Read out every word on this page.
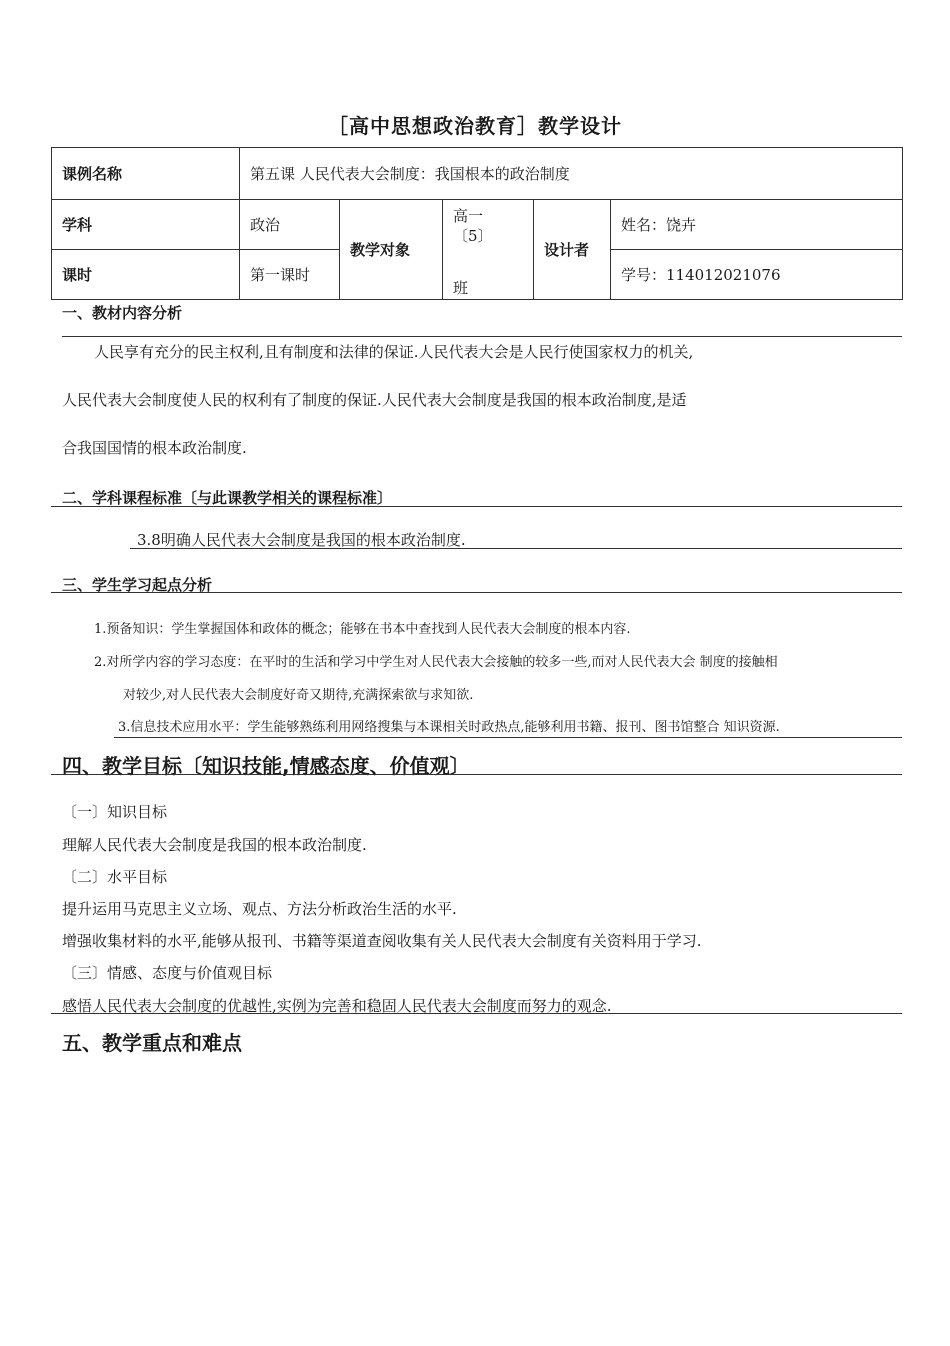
［高中思想政治教育］教学设计
课例名称	第五课 人民代表大会制度：我国根本的政治制度				
学科	政治	教学对象	高一
〔5〕
班	设计者	姓名：饶卉
课时	第一课时				学号：114012021076
一、教材内容分析
人民享有充分的民主权利,且有制度和法律的保证.人民代表大会是人民行使国家权力的机关,
人民代表大会制度使人民的权利有了制度的保证.人民代表大会制度是我国的根本政治制度,是适
合我国国情的根本政治制度.
二、学科课程标准〔与此课教学相关的课程标准〕
3.8明确人民代表大会制度是我国的根本政治制度.
三、学生学习起点分析
1.预备知识：学生掌握国体和政体的概念；能够在书本中查找到人民代表大会制度的根本内容.
2.对所学内容的学习态度：在平时的生活和学习中学生对人民代表大会接触的较多一些,而对人民代表大会 制度的接触相
对较少,对人民代表大会制度好奇又期待,充满探索欲与求知欲.
3.信息技术应用水平：学生能够熟练利用网络搜集与本课相关时政热点,能够利用书籍、报刊、图书馆整合 知识资源.
四、教学目标〔知识技能,情感态度、价值观〕
〔一〕知识目标
理解人民代表大会制度是我国的根本政治制度.
〔二〕水平目标
提升运用马克思主义立场、观点、方法分析政治生活的水平.
增强收集材料的水平,能够从报刊、书籍等渠道查阅收集有关人民代表大会制度有关资料用于学习.
〔三〕情感、态度与价值观目标
感悟人民代表大会制度的优越性,实例为完善和稳固人民代表大会制度而努力的观念.
五、教学重点和难点
